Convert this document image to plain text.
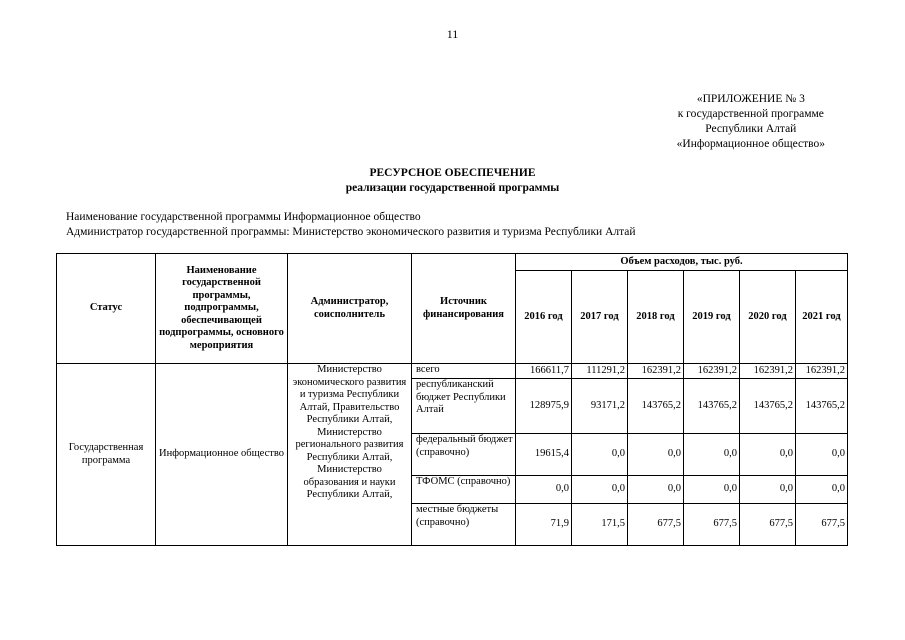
11
«ПРИЛОЖЕНИЕ № 3
к государственной программе
Республики Алтай
«Информационное общество»
РЕСУРСНОЕ ОБЕСПЕЧЕНИЕ
реализации государственной программы
Наименование государственной программы Информационное общество
Администратор государственной программы: Министерство экономического развития и туризма Республики Алтай
Статус	Наименование государственной программы, подпрограммы, обеспечивающей подпрограммы, основного мероприятия	Администратор, соисполнитель	Источник финансирования	Объем расходов, тыс. руб.					
				2016 год	2017 год	2018 год	2019 год	2020 год	2021 год
Государственная программа	Информационное общество	Министерство экономического развития и туризма Республики Алтай, Правительство Республики Алтай, Министерство регионального развития Республики Алтай, Министерство образования и науки Республики Алтай,	всего	166611,7	111291,2	162391,2	162391,2	162391,2	162391,2
			республиканский бюджет Республики Алтай	128975,9	93171,2	143765,2	143765,2	143765,2	143765,2
			федеральный бюджет (справочно)	19615,4	0,0	0,0	0,0	0,0	0,0
			ТФОМС (справочно)	0,0	0,0	0,0	0,0	0,0	0,0
			местные бюджеты (справочно)	71,9	171,5	677,5	677,5	677,5	677,5
